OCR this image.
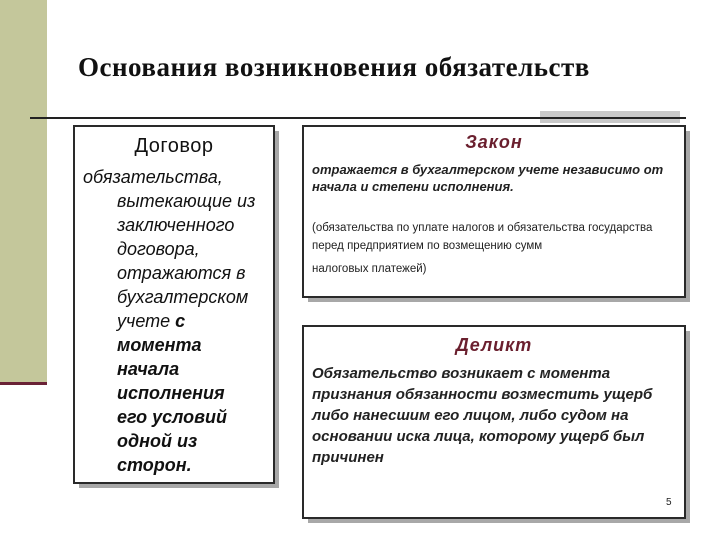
Основания возникновения обязательств
Договор
обязательства,
вытекающие из
заключенного
договора,
отражаются в
бухгалтерском
учете с
момента
начала
исполнения
его условий
одной из
сторон.
Закон
отражается в бухгалтерском учете независимо от начала и степени исполнения.
(обязательства по уплате налогов и обязательства государства перед предприятием по возмещению сумм
налоговых платежей)
Деликт
Обязательство возникает с момента признания обязанности возместить ущерб либо нанесшим его лицом, либо судом на основании иска лица, которому ущерб был причинен
5
